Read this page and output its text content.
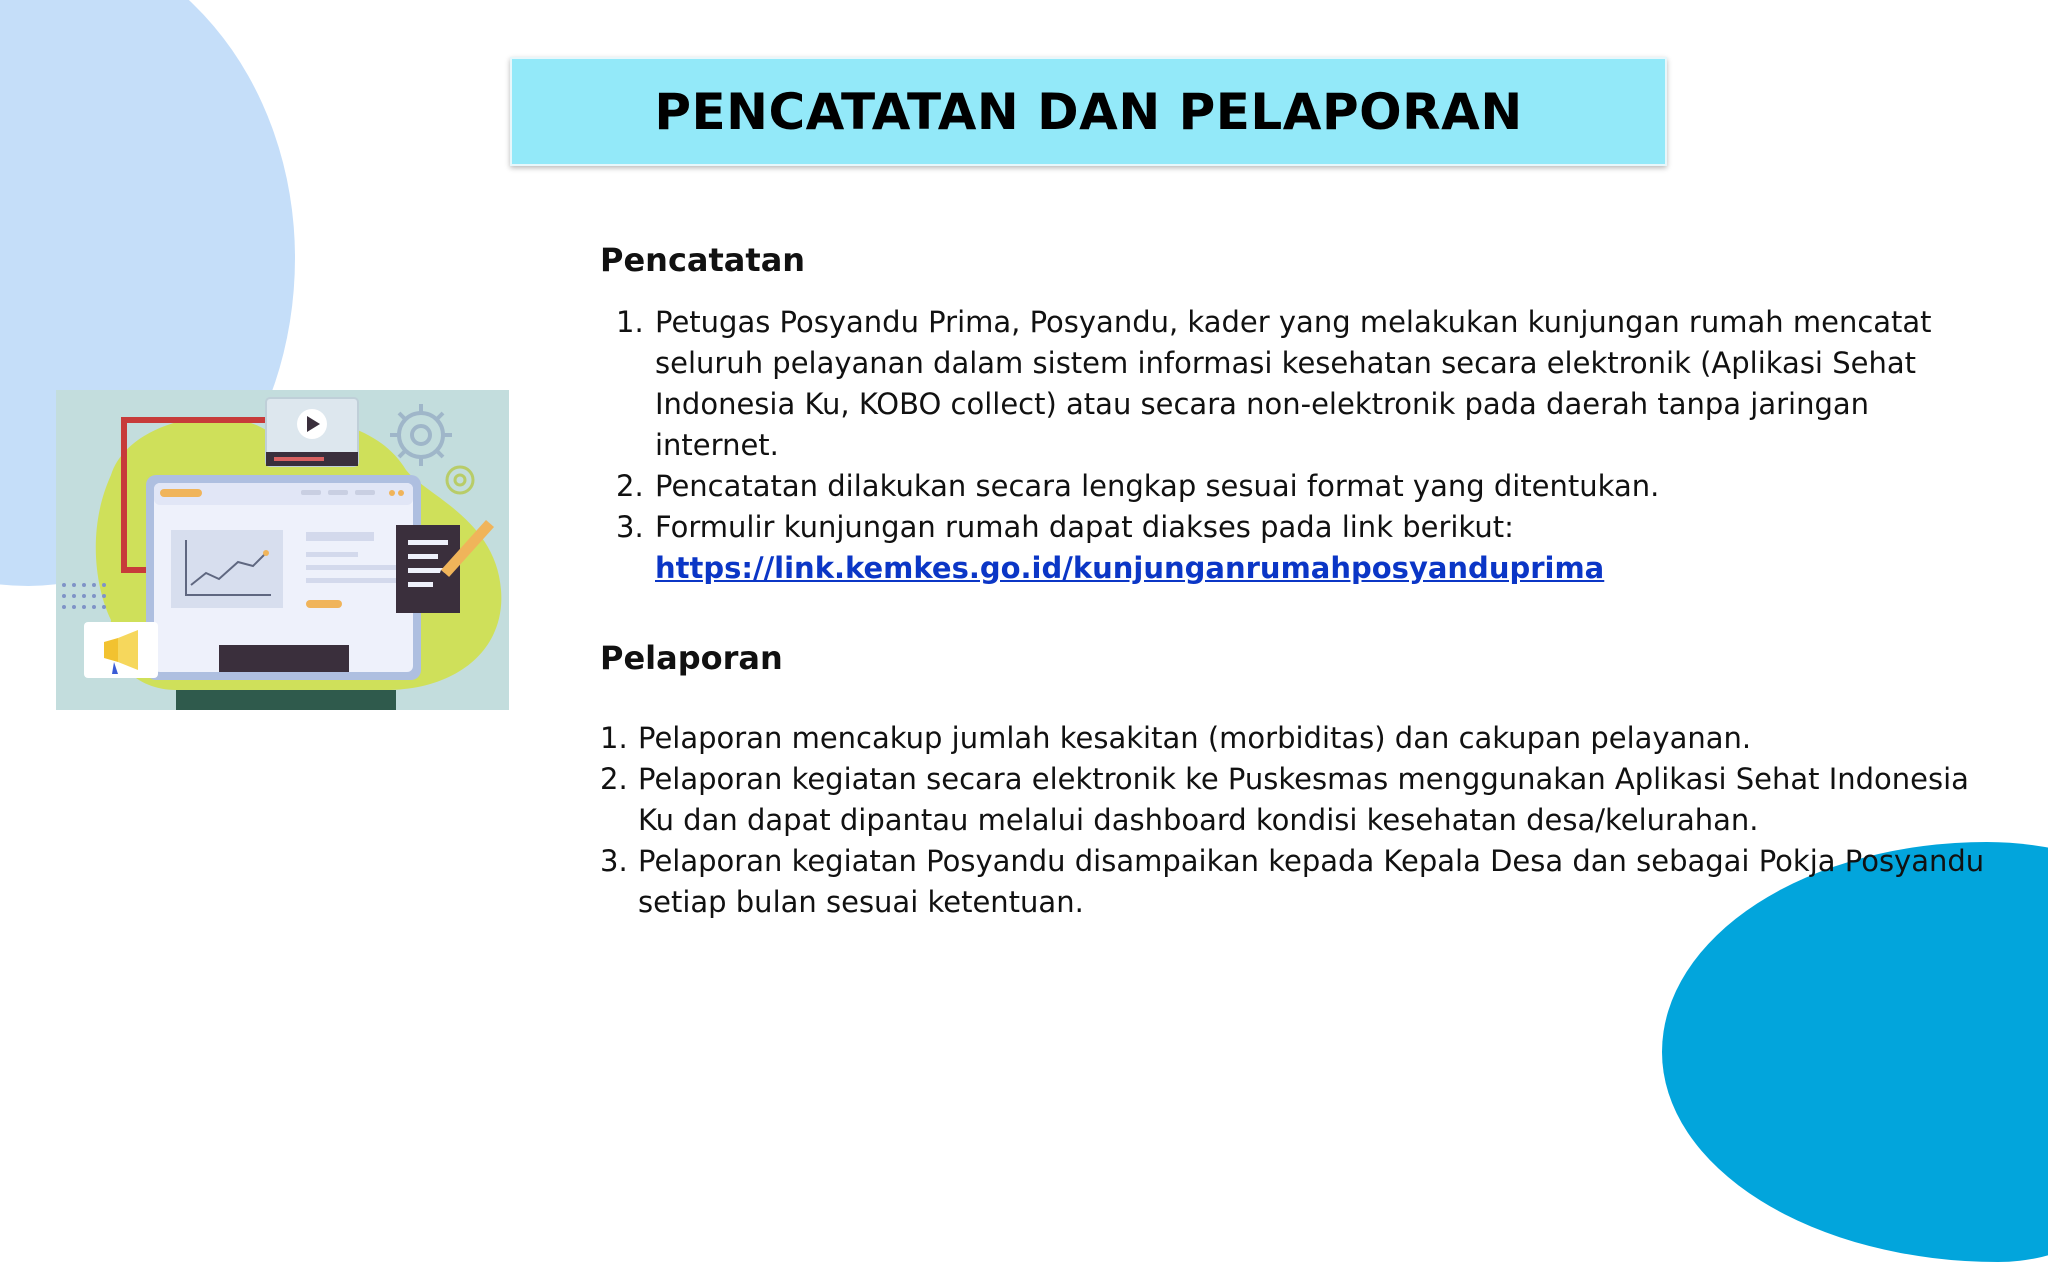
PENCATATAN DAN PELAPORAN
Pencatatan
1. Petugas Posyandu Prima, Posyandu, kader yang melakukan kunjungan rumah mencatat seluruh pelayanan dalam sistem informasi kesehatan secara elektronik (Aplikasi Sehat Indonesia Ku, KOBO collect) atau secara non-elektronik pada daerah tanpa jaringan internet.
2. Pencatatan dilakukan secara lengkap sesuai format yang ditentukan.
3. Formulir kunjungan rumah dapat diakses pada link berikut:
https://link.kemkes.go.id/kunjunganrumahposyanduprima
Pelaporan
1. Pelaporan mencakup jumlah kesakitan (morbiditas) dan cakupan pelayanan.
2. Pelaporan kegiatan secara elektronik ke Puskesmas menggunakan Aplikasi Sehat Indonesia Ku dan dapat dipantau melalui dashboard kondisi kesehatan desa/kelurahan.
3. Pelaporan kegiatan Posyandu disampaikan kepada Kepala Desa dan sebagai Pokja Posyandu setiap bulan sesuai ketentuan.
